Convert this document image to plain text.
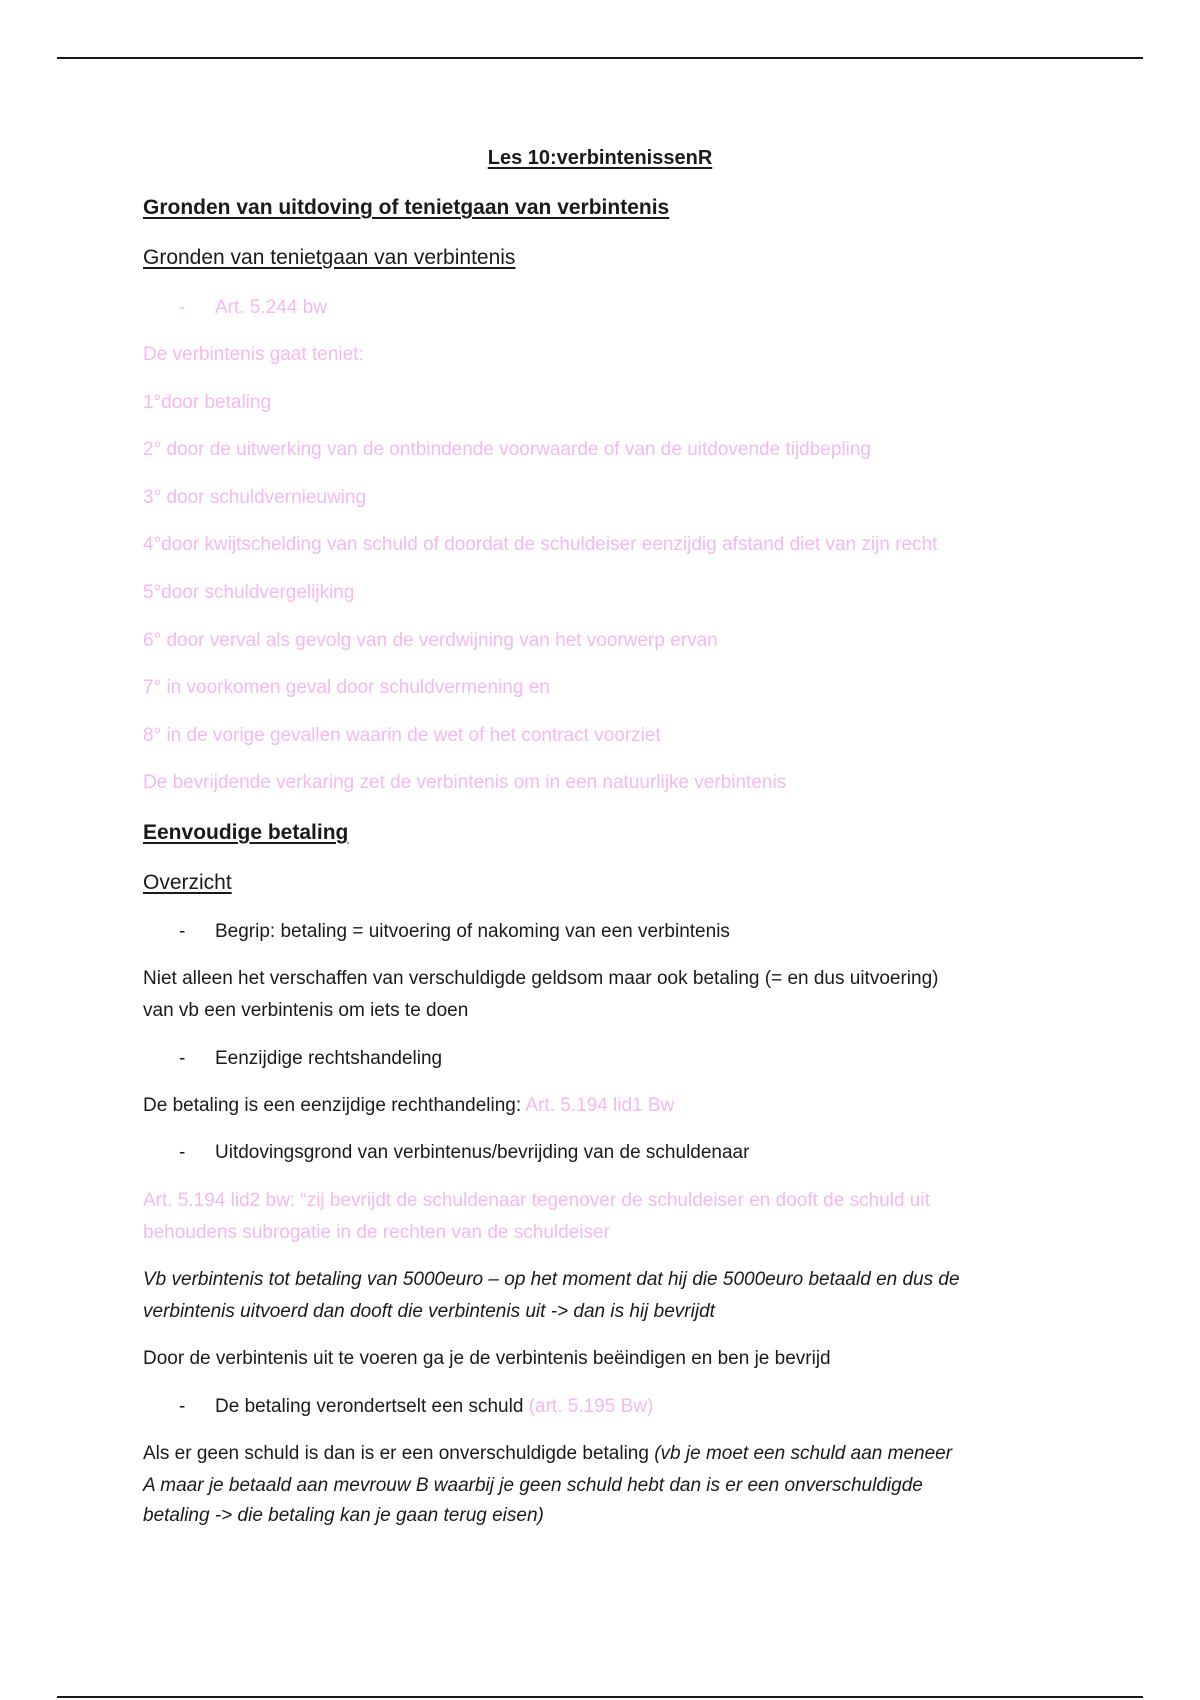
Les 10:verbintenissenR
Gronden van uitdoving of tenietgaan van verbintenis
Gronden van tenietgaan van verbintenis
- Art. 5.244 bw
De verbintenis gaat teniet:
1°door betaling
2° door de uitwerking van de ontbindende voorwaarde of van de uitdovende tijdbepling
3° door schuldvernieuwing
4°door kwijtschelding van schuld of doordat de schuldeiser eenzijdig afstand diet van zijn recht
5°door schuldvergelijking
6° door verval als gevolg van de verdwijning van het voorwerp ervan
7° in voorkomen geval door schuldvermening en
8° in de vorige gevallen waarin de wet of het contract voorziet
De bevrijdende verkaring zet de verbintenis om in een natuurlijke verbintenis
Eenvoudige betaling
Overzicht
- Begrip: betaling = uitvoering of nakoming van een verbintenis
Niet alleen het verschaffen van verschuldigde geldsom maar ook betaling (= en dus uitvoering)
van vb een verbintenis om iets te doen
- Eenzijdige rechtshandeling
De betaling is een eenzijdige rechthandeling: Art. 5.194 lid1 Bw
- Uitdovingsgrond van verbintenus/bevrijding van de schuldenaar
Art. 5.194 lid2 bw: “zij bevrijdt de schuldenaar tegenover de schuldeiser en dooft de schuld uit
behoudens subrogatie in de rechten van de schuldeiser
Vb verbintenis tot betaling van 5000euro – op het moment dat hij die 5000euro betaald en dus de
verbintenis uitvoerd dan dooft die verbintenis uit -> dan is hij bevrijdt
Door de verbintenis uit te voeren ga je de verbintenis beëindigen en ben je bevrijd
- De betaling verondertselt een schuld (art. 5.195 Bw)
Als er geen schuld is dan is er een onverschuldigde betaling (vb je moet een schuld aan meneer
A maar je betaald aan mevrouw B waarbij je geen schuld hebt dan is er een onverschuldigde
betaling -> die betaling kan je gaan terug eisen)
